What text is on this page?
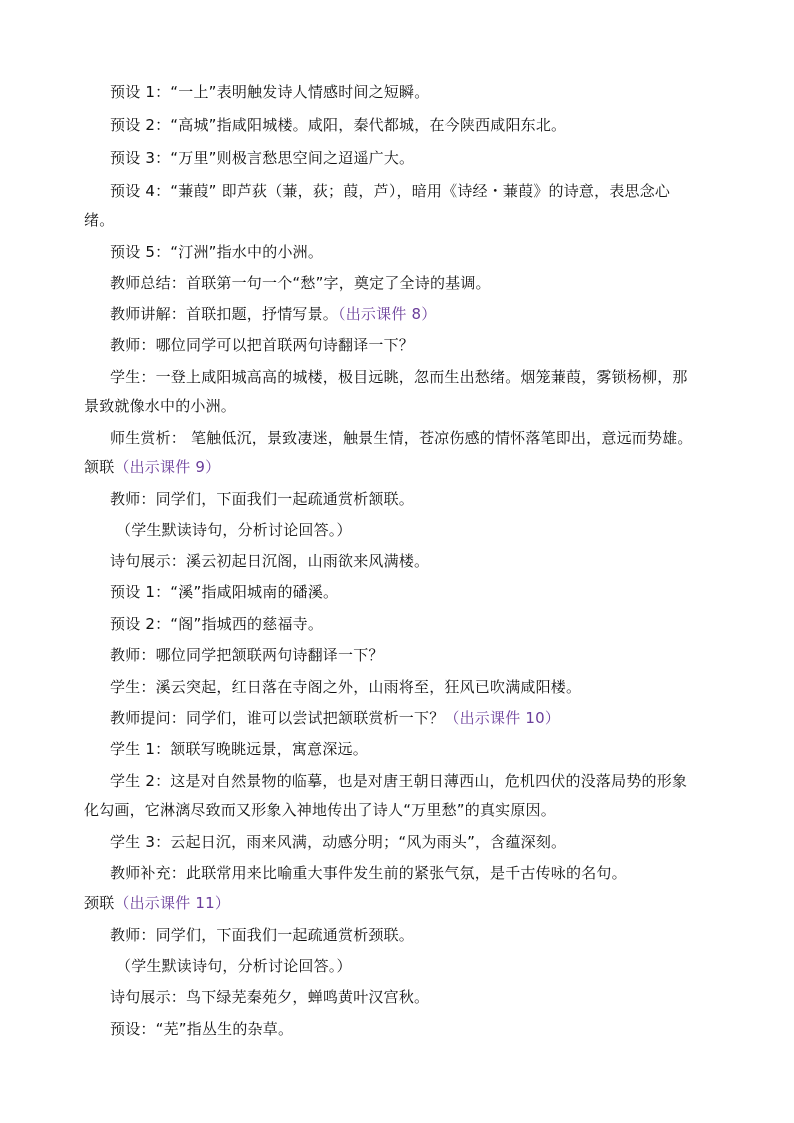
预设 1：“一上”表明触发诗人情感时间之短瞬。
预设 2：“高城”指咸阳城楼。咸阳，秦代都城，在今陕西咸阳东北。
预设 3：“万里”则极言愁思空间之迢遥广大。
预设 4：“蒹葭” 即芦荻（蒹，荻；葭，芦），暗用《诗经・蒹葭》的诗意，表思念心
绪。
预设 5：“汀洲”指水中的小洲。
教师总结：首联第一句一个“愁”字，奠定了全诗的基调。
教师讲解：首联扣题，抒情写景。（出示课件 8）
教师：哪位同学可以把首联两句诗翻译一下？
学生：一登上咸阳城高高的城楼，极目远眺，忽而生出愁绪。烟笼蒹葭，雾锁杨柳，那
景致就像水中的小洲。
师生赏析： 笔触低沉，景致凄迷，触景生情，苍凉伤感的情怀落笔即出，意远而势雄。
颔联（出示课件 9）
教师：同学们，下面我们一起疏通赏析颔联。
（学生默读诗句，分析讨论回答。）
诗句展示：溪云初起日沉阁，山雨欲来风满楼。
预设 1：“溪”指咸阳城南的磻溪。
预设 2：“阁”指城西的慈福寺。
教师：哪位同学把颔联两句诗翻译一下？
学生：溪云突起，红日落在寺阁之外，山雨将至，狂风已吹满咸阳楼。
教师提问：同学们，谁可以尝试把颔联赏析一下？（出示课件 10）
学生 1：颔联写晚眺远景，寓意深远。
学生 2：这是对自然景物的临摹，也是对唐王朝日薄西山，危机四伏的没落局势的形象
化勾画，它淋漓尽致而又形象入神地传出了诗人“万里愁”的真实原因。
学生 3：云起日沉，雨来风满，动感分明；“风为雨头”，含蕴深刻。
教师补充：此联常用来比喻重大事件发生前的紧张气氛，是千古传咏的名句。
颈联（出示课件 11）
教师：同学们，下面我们一起疏通赏析颈联。
（学生默读诗句，分析讨论回答。）
诗句展示：鸟下绿芜秦苑夕，蝉鸣黄叶汉宫秋。
预设：“芜”指丛生的杂草。
